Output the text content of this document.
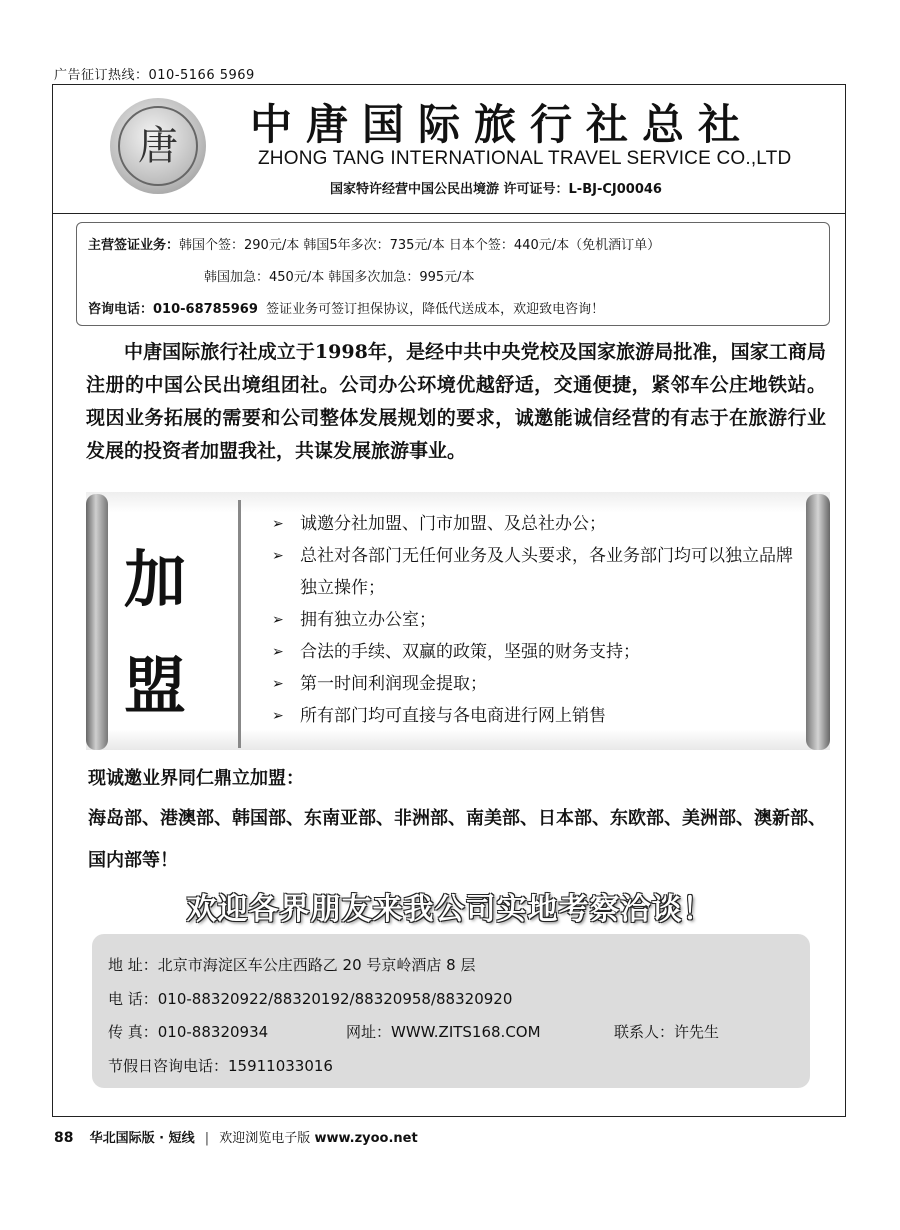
广告征订热线：010-5166 5969
唐 中唐国际旅行社总社
ZHONG TANG INTERNATIONAL TRAVEL SERVICE CO.,LTD
国家特许经营中国公民出境游 许可证号：L-BJ-CJ00046
主营签证业务：韩国个签：290元/本 韩国5年多次：735元/本 日本个签：440元/本（免机酒订单）
韩国加急：450元/本 韩国多次加急：995元/本
咨询电话：010-68785969 签证业务可签订担保协议，降低代送成本，欢迎致电咨询！
中唐国际旅行社成立于1998年，是经中共中央党校及国家旅游局批准，国家工商局注册的中国公民出境组团社。公司办公环境优越舒适，交通便捷，紧邻车公庄地铁站。现因业务拓展的需要和公司整体发展规划的要求，诚邀能诚信经营的有志于在旅游行业发展的投资者加盟我社，共谋发展旅游事业。
加
盟
➢ 诚邀分社加盟、门市加盟、及总社办公；
➢ 总社对各部门无任何业务及人头要求，各业务部门均可以独立品牌独立操作；
➢ 拥有独立办公室；
➢ 合法的手续、双赢的政策，坚强的财务支持；
➢ 第一时间利润现金提取；
➢ 所有部门均可直接与各电商进行网上销售
现诚邀业界同仁鼎立加盟：
海岛部、港澳部、韩国部、东南亚部、非洲部、南美部、日本部、东欧部、美洲部、澳新部、国内部等！
欢迎各界朋友来我公司实地考察洽谈！
地 址：北京市海淀区车公庄西路乙 20 号京岭酒店 8 层
电 话：010-88320922/88320192/88320958/88320920
传 真：010-88320934	网址：WWW.ZITS168.COM	联系人：许先生
节假日咨询电话：15911033016
88 华北国际版 · 短线 | 欢迎浏览电子版 www.zyoo.net
